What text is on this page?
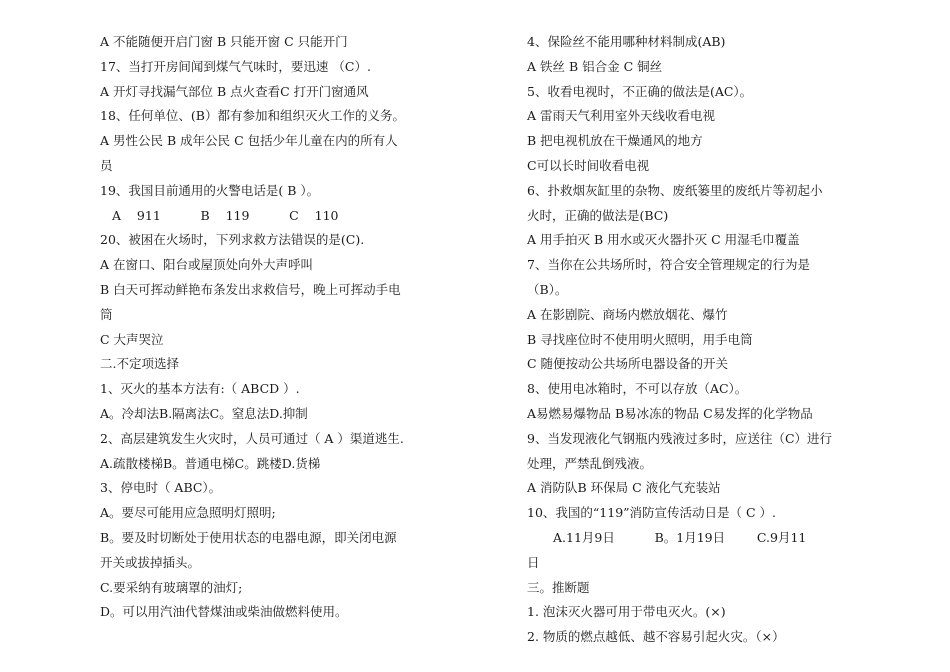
A 不能随便开启门窗 B 只能开窗 C 只能开门
17、当打开房间闻到煤气气味时，要迅速 （C）.
A 开灯寻找漏气部位 B 点火查看C 打开门窗通风
18、任何单位、(B）都有参加和组织灭火工作的义务。
A 男性公民 B 成年公民 C 包括少年儿童在内的所有人
员
19、我国目前通用的火警电话是( B ）。
A    911          B    119          C    110
20、被困在火场时，下列求救方法错误的是(C).
A 在窗口、阳台或屋顶处向外大声呼叫
B 白天可挥动鲜艳布条发出求救信号，晚上可挥动手电
筒
C 大声哭泣
二.不定项选择
1、灭火的基本方法有:（ ABCD ）.
A。冷却法B.隔离法C。窒息法D.抑制
2、高层建筑发生火灾时，人员可通过（ A ）渠道逃生.
A.疏散楼梯B。普通电梯C。跳楼D.货梯
3、停电时（ ABC）。
A。要尽可能用应急照明灯照明;
B。要及时切断处于使用状态的电器电源，即关闭电源
开关或拔掉插头。
C.要采纳有玻璃罩的油灯;
D。可以用汽油代替煤油或柴油做燃料使用。
4、保险丝不能用哪种材料制成(AB)
A 铁丝 B 铝合金 C 铜丝
5、收看电视时，不正确的做法是(AC）。
A 雷雨天气利用室外天线收看电视
B 把电视机放在干燥通风的地方
C可以长时间收看电视
6、扑救烟灰缸里的杂物、废纸篓里的废纸片等初起小
火时，正确的做法是(BC)
A 用手拍灭 B 用水或灭火器扑灭 C 用湿毛巾覆盖
7、当你在公共场所时，符合安全管理规定的行为是
（B）。
A 在影剧院、商场内燃放烟花、爆竹
B 寻找座位时不使用明火照明，用手电筒
C 随便按动公共场所电器设备的开关
8、使用电冰箱时，不可以存放（AC）。
A易燃易爆物品 B易冰冻的物品 C易发挥的化学物品
9、当发现液化气钢瓶内残液过多时，应送往（C）进行
处理，严禁乱倒残液。
A 消防队B 环保局 C 液化气充装站
10、我国的“119”消防宣传活动日是（ C ）.
A.11月9日          B。1月19日        C.9月11
日
三。推断题
1. 泡沫灭火器可用于带电灭火。(×)
2. 物质的燃点越低、越不容易引起火灾。（×）
